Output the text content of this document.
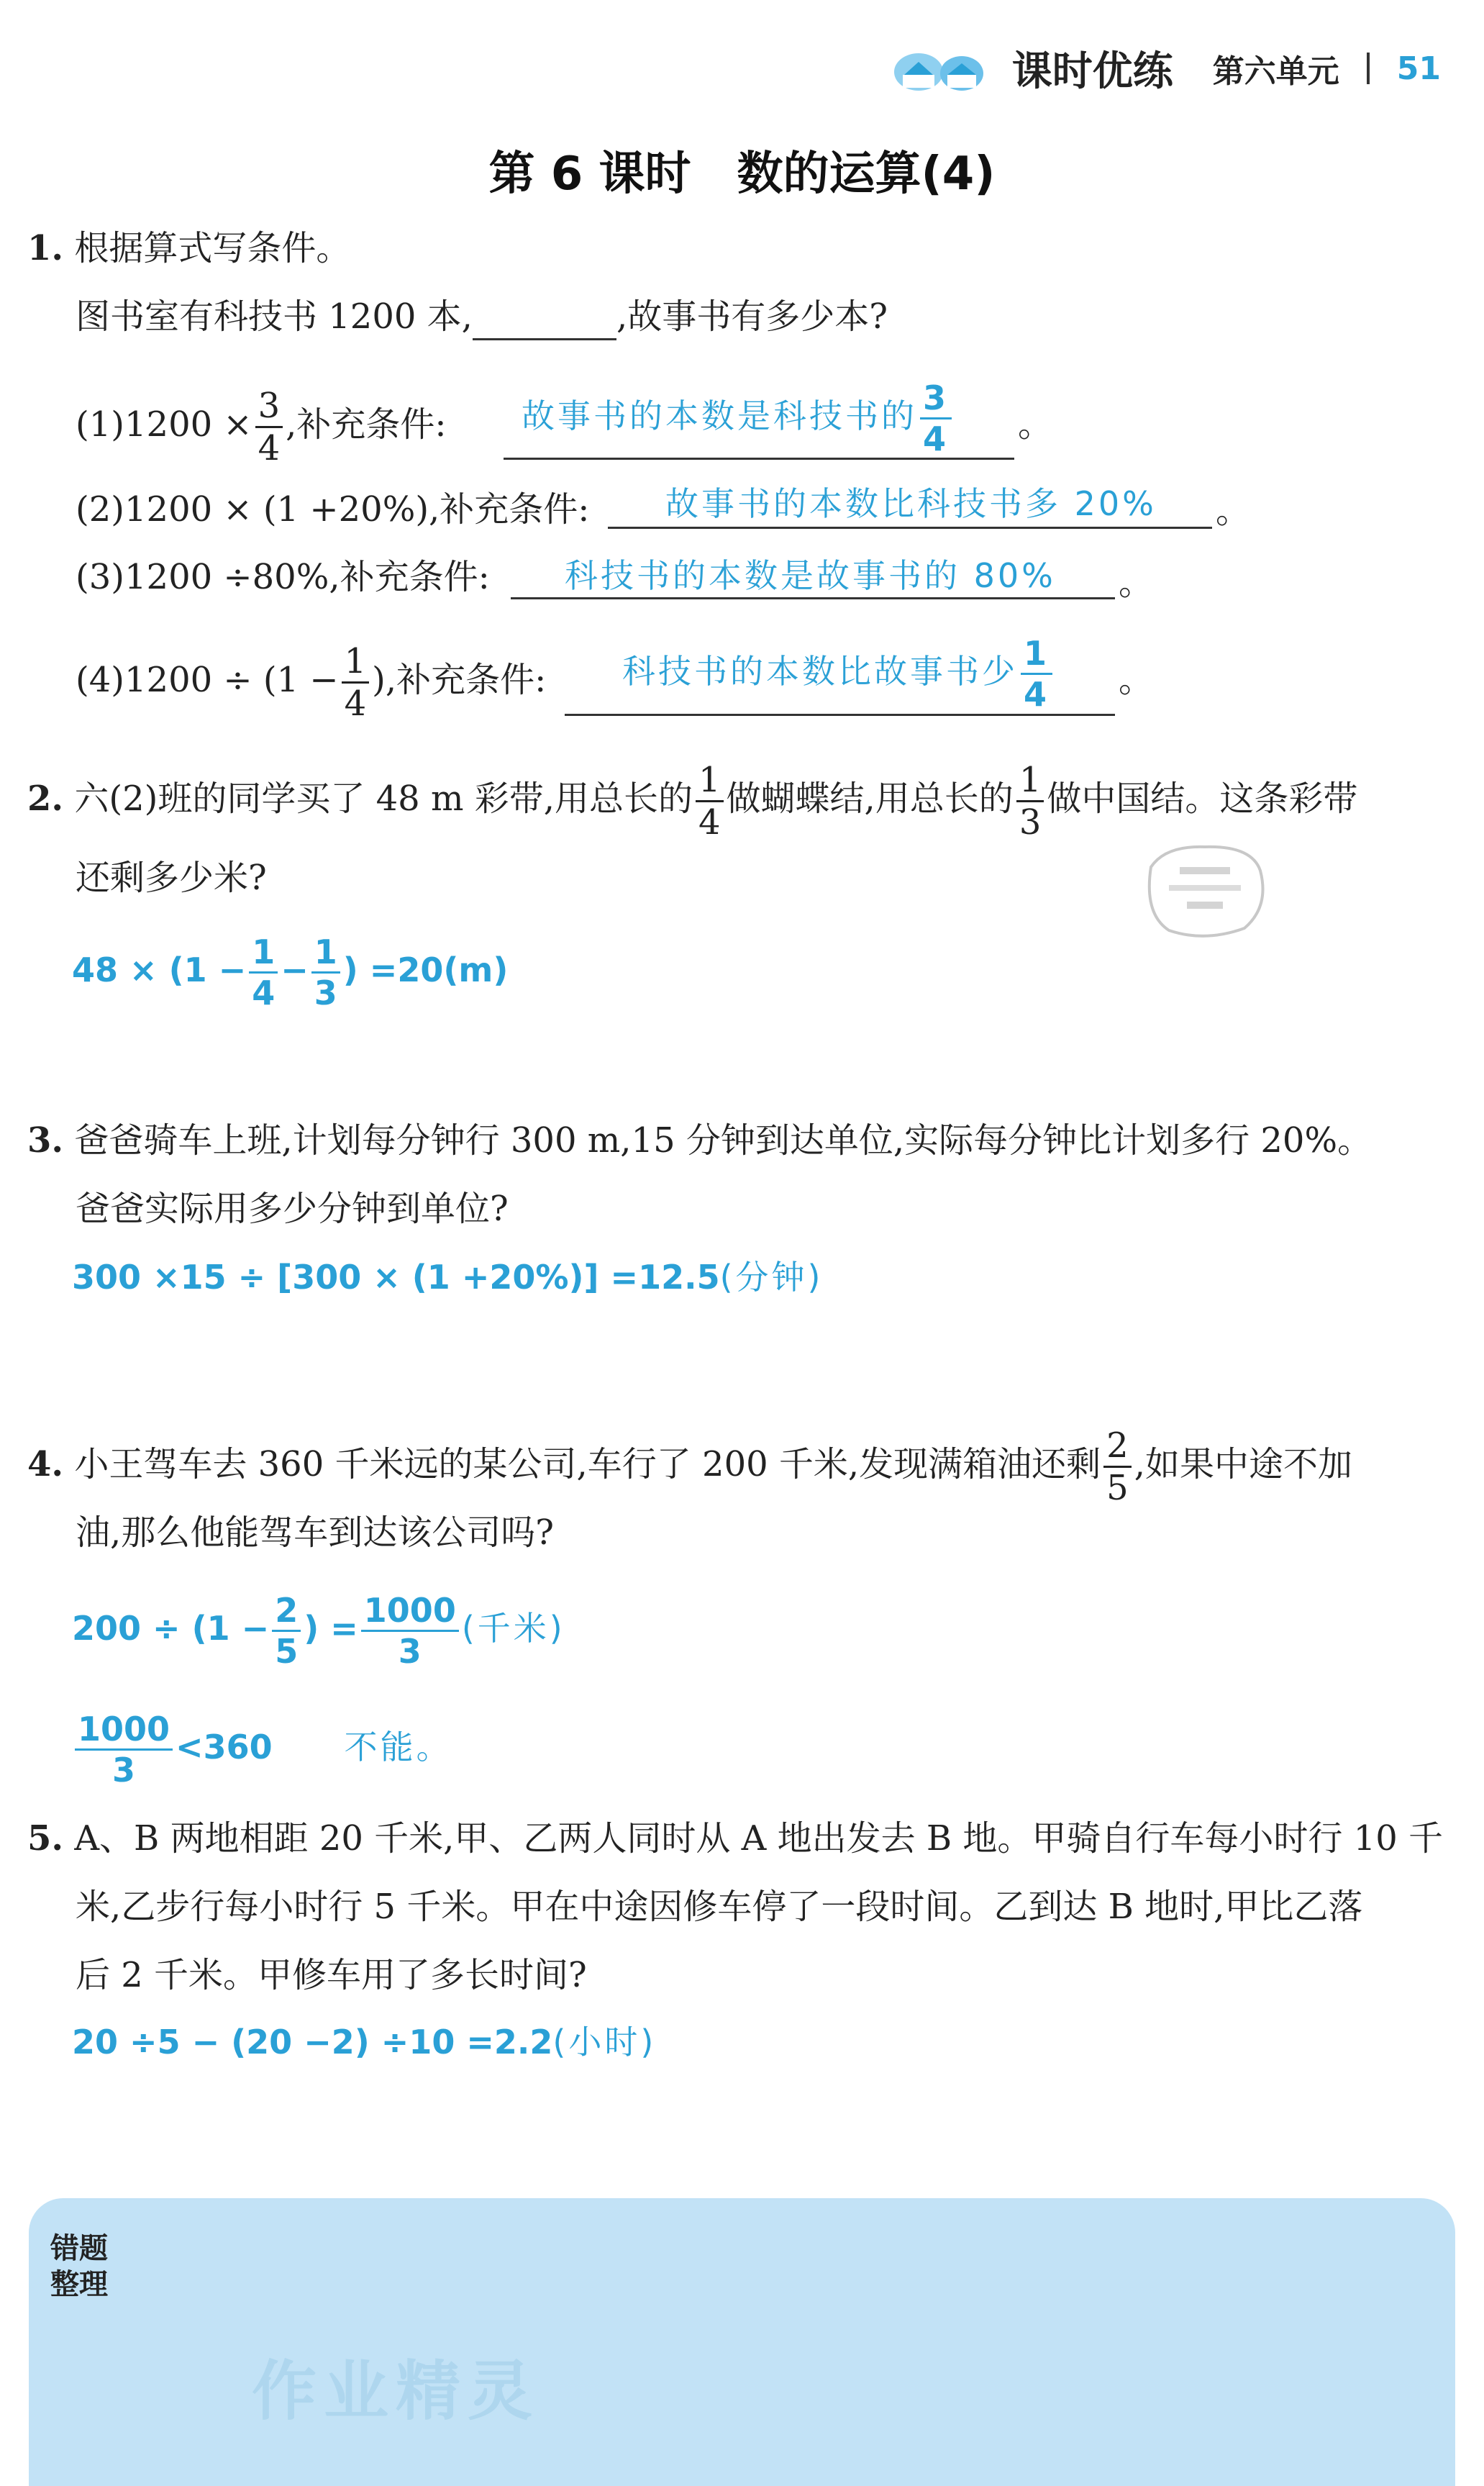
课时优练 第六单元 51
第 6 课时　数的运算(4)
1. 根据算式写条件。
图书室有科技书 1200 本,	,故事书有多少本?
$(1)1200 \times \frac{3}{4}$ ,补充条件: 故事书的本数是科技书的 $\frac{3}{4}$ 。
(2)1200 × (1 +20%),补充条件: 故事书的本数比科技书多 20% 。
(3)1200 ÷80%,补充条件: 科技书的本数是故事书的 80% 。
$(4)1200 \div (1 - \frac{1}{4}$ ),补充条件: 科技书的本数比故事书少 $\frac{1}{4}$ 。
2. 六(2)班的同学买了 48 m 彩带,用总长的 $\frac{1}{4}$ 做蝴蝶结,用总长的 $\frac{1}{3}$ 做中国结。这条彩带
还剩多少米?
$48 \times (1 - \frac{1}{4} - \frac{1}{3}$ ) =20(m)
3. 爸爸骑车上班,计划每分钟行 300 m,15 分钟到达单位,实际每分钟比计划多行 20%。
爸爸实际用多少分钟到单位?
300 ×15 ÷ [300 × (1 +20%)] =12.5(分钟)
4. 小王驾车去 360 千米远的某公司,车行了 200 千米,发现满箱油还剩 $\frac{2}{5}$ ,如果中途不加
油,那么他能驾车到达该公司吗?
$200 \div (1 - \frac{2}{5}$ ) = $\frac{1000}{3}$ (千米)
$\frac{1000}{3} <360$ 不能。
5. A、B 两地相距 20 千米,甲、乙两人同时从 A 地出发去 B 地。甲骑自行车每小时行 10 千
米,乙步行每小时行 5 千米。甲在中途因修车停了一段时间。乙到达 B 地时,甲比乙落
后 2 千米。甲修车用了多长时间?
20 ÷5 − (20 −2) ÷10 =2.2(小时)
错题
整理
作业精灵
